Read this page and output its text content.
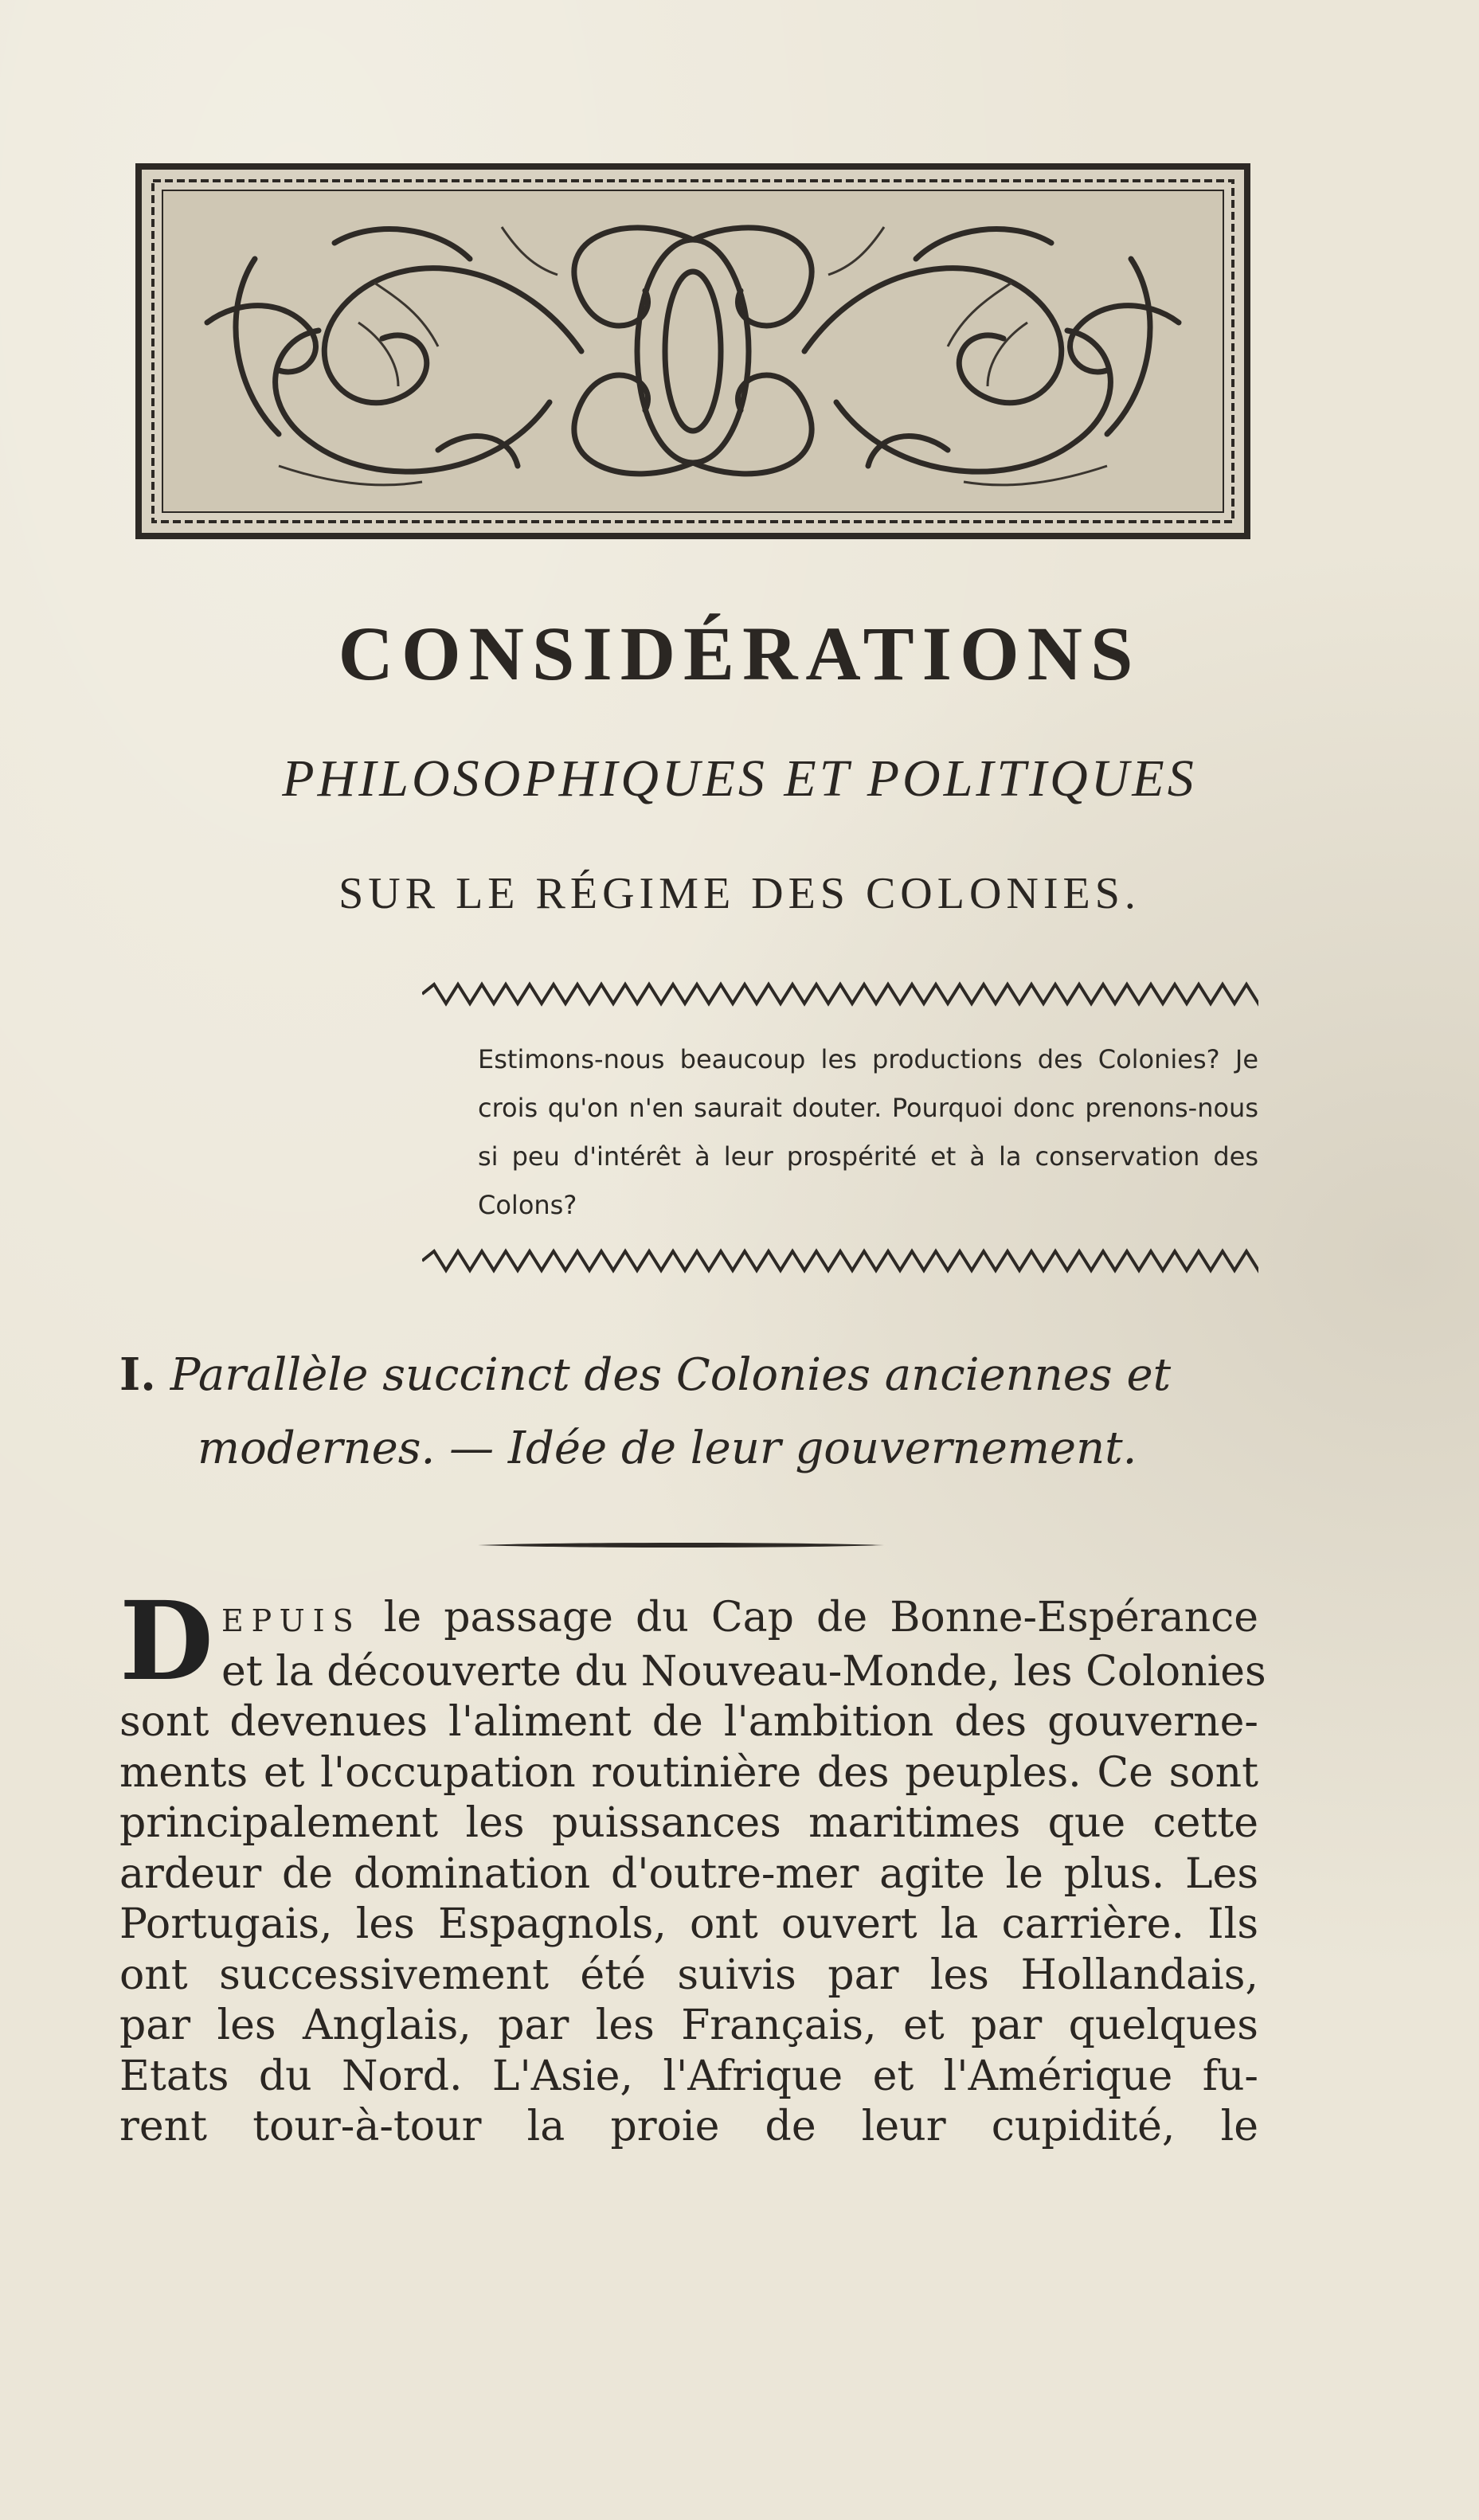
CONSIDÉRATIONS
PHILOSOPHIQUES ET POLITIQUES
SUR LE RÉGIME DES COLONIES.

Estimons-nous beaucoup les productions des Colonies? Je crois qu'on n'en saurait douter. Pourquoi donc prenons-nous si peu d'intérêt à leur prospérité et à la conservation des Colons?

I. Parallèle succinct des Colonies anciennes et
modernes. — Idée de leur gouvernement.
D EPUIS le passage du Cap de Bonne-Espérance
et la découverte du Nouveau-Monde, les Colonies
sont devenues l'aliment de l'ambition des gouverne-
ments et l'occupation routinière des peuples. Ce sont
principalement les puissances maritimes que cette
ardeur de domination d'outre-mer agite le plus. Les
Portugais, les Espagnols, ont ouvert la carrière. Ils
ont successivement été suivis par les Hollandais,
par les Anglais, par les Français, et par quelques
Etats du Nord. L'Asie, l'Afrique et l'Amérique fu-
rent tour-à-tour la proie de leur cupidité, le
